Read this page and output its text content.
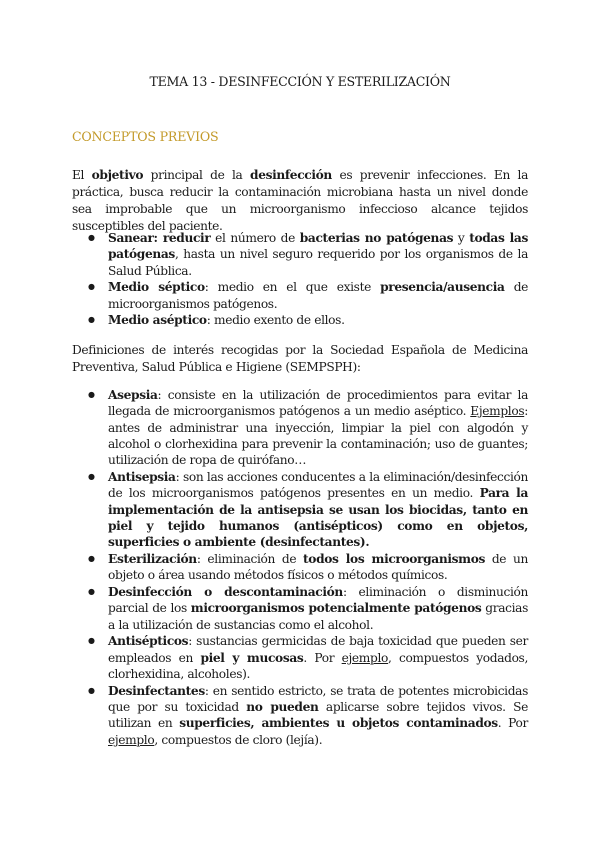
TEMA 13 - DESINFECCIÓN Y ESTERILIZACIÓN
CONCEPTOS PREVIOS

El objetivo principal de la desinfección es prevenir infecciones. En la práctica, busca reducir la contaminación microbiana hasta un nivel donde sea improbable que un microorganismo infeccioso alcance tejidos susceptibles del paciente.

● Sanear: reducir el número de bacterias no patógenas y todas las patógenas, hasta un nivel seguro requerido por los organismos de la Salud Pública.
● Medio séptico: medio en el que existe presencia/ausencia de microorganismos patógenos.
● Medio aséptico: medio exento de ellos.

Definiciones de interés recogidas por la Sociedad Española de Medicina Preventiva, Salud Pública e Higiene (SEMPSPH):

● Asepsia: consiste en la utilización de procedimientos para evitar la llegada de microorganismos patógenos a un medio aséptico. Ejemplos: antes de administrar una inyección, limpiar la piel con algodón y alcohol o clorhexidina para prevenir la contaminación; uso de guantes; utilización de ropa de quirófano…
● Antisepsia: son las acciones conducentes a la eliminación/desinfección de los microorganismos patógenos presentes en un medio. Para la implementación de la antisepsia se usan los biocidas, tanto en piel y tejido humanos (antisépticos) como en objetos, superficies o ambiente (desinfectantes).
● Esterilización: eliminación de todos los microorganismos de un objeto o área usando métodos físicos o métodos químicos.
● Desinfección o descontaminación: eliminación o disminución parcial de los microorganismos potencialmente patógenos gracias a la utilización de sustancias como el alcohol.
● Antisépticos: sustancias germicidas de baja toxicidad que pueden ser empleados en piel y mucosas. Por ejemplo, compuestos yodados, clorhexidina, alcoholes).
● Desinfectantes: en sentido estricto, se trata de potentes microbicidas que por su toxicidad no pueden aplicarse sobre tejidos vivos. Se utilizan en superficies, ambientes u objetos contaminados. Por ejemplo, compuestos de cloro (lejía).
